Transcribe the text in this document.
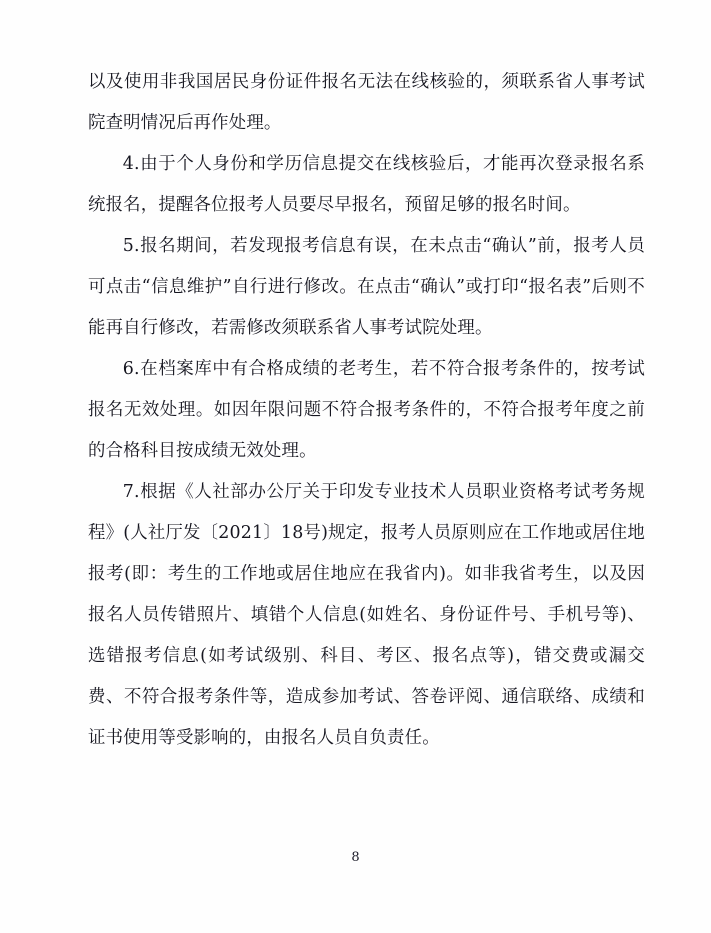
以及使用非我国居民身份证件报名无法在线核验的，须联系省人事考试院查明情况后再作处理。

4.由于个人身份和学历信息提交在线核验后，才能再次登录报名系统报名，提醒各位报考人员要尽早报名，预留足够的报名时间。

5.报名期间，若发现报考信息有误，在未点击“确认”前，报考人员可点击“信息维护”自行进行修改。在点击“确认”或打印“报名表”后则不能再自行修改，若需修改须联系省人事考试院处理。

6.在档案库中有合格成绩的老考生，若不符合报考条件的，按考试报名无效处理。如因年限问题不符合报考条件的，不符合报考年度之前的合格科目按成绩无效处理。

7.根据《人社部办公厅关于印发专业技术人员职业资格考试考务规程》(人社厅发〔2021〕18号)规定，报考人员原则应在工作地或居住地报考(即：考生的工作地或居住地应在我省内)。如非我省考生，以及因报名人员传错照片、填错个人信息(如姓名、身份证件号、手机号等)、选错报考信息(如考试级别、科目、考区、报名点等)，错交费或漏交费、不符合报考条件等，造成参加考试、答卷评阅、通信联络、成绩和证书使用等受影响的，由报名人员自负责任。

8
